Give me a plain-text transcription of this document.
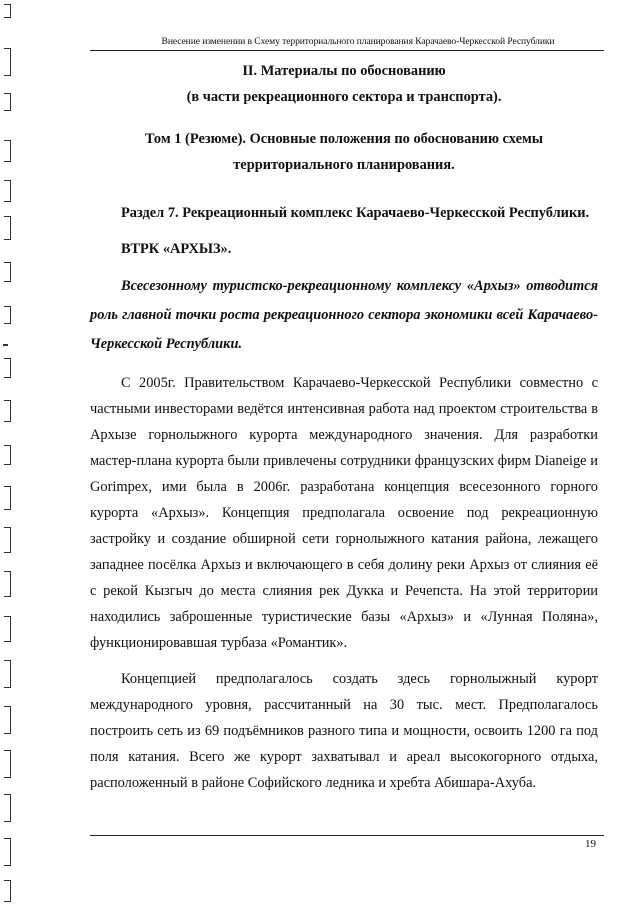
Внесение изменении в Схему территориального планирования Карачаево-Черкесской Республики

II. Материалы по обоснованию

(в части рекреационного сектора и транспорта).

Том 1 (Резюме). Основные положения по обоснованию схемы территориального планирования.

Раздел 7. Рекреационный комплекс Карачаево-Черкесской Республики.

ВТРК «АРХЫЗ».

Всесезонному туристско-рекреационному комплексу «Архыз» отводится роль главной точки роста рекреационного сектора экономики всей Карачаево-Черкесской Республики.

С 2005г. Правительством Карачаево-Черкесской Республики совместно с частными инвесторами ведётся интенсивная работа над проектом строительства в Архызе горнолыжного курорта международного значения. Для разработки мастер-плана курорта были привлечены сотрудники французских фирм Dianeige и Gorimpex, ими была в 2006г. разработана концепция всесезонного горного курорта «Архыз». Концепция предполагала освоение под рекреационную застройку и создание обширной сети горнолыжного катания района, лежащего западнее посёлка Архыз и включающего в себя долину реки Архыз от слияния её с рекой Кызгыч до места слияния рек Дукка и Речепста. На этой территории находились заброшенные туристические базы «Архыз» и «Лунная Поляна», функционировавшая турбаза «Романтик».

Концепцией предполагалось создать здесь горнолыжный курорт международного уровня, рассчитанный на 30 тыс. мест. Предполагалось построить сеть из 69 подъёмников разного типа и мощности, освоить 1200 га под поля катания. Всего же курорт захватывал и ареал высокогорного отдыха, расположенный в районе Софийского ледника и хребта Абишара-Ахуба.

19
